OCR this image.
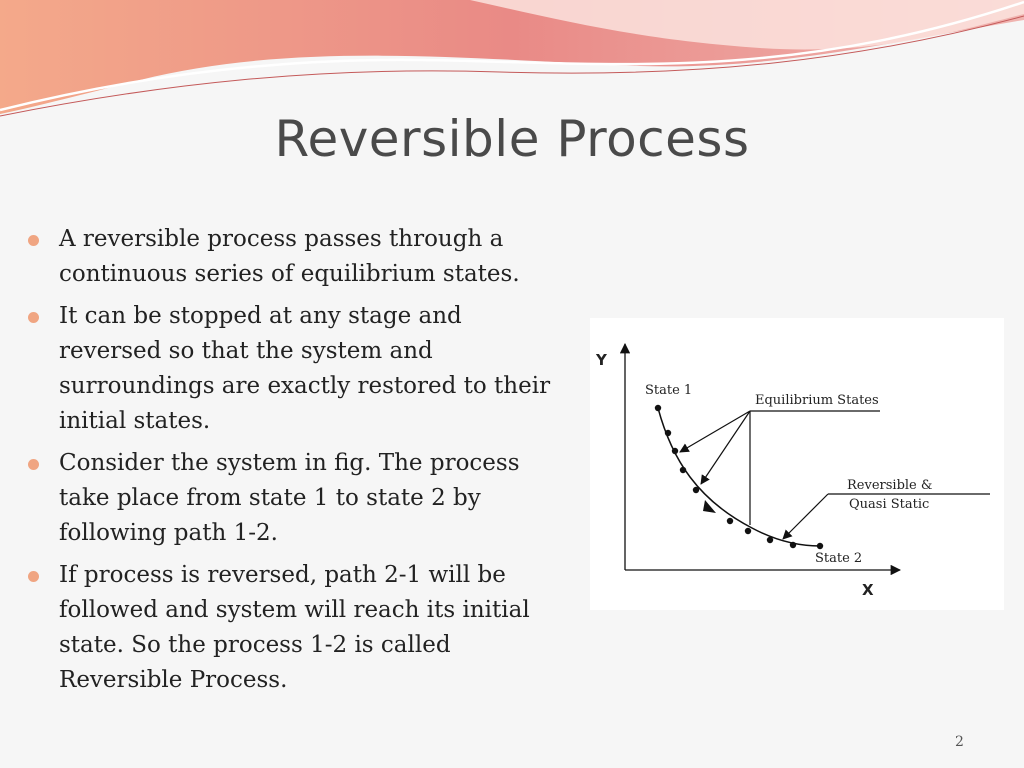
Reversible Process
A reversible process passes through a continuous series of equilibrium states.
It can be stopped at any stage and reversed so that the system and surroundings are exactly restored to their initial states.
Consider the system in fig. The process take place from state 1 to state 2 by following path 1-2.
If process is reversed, path 2-1 will be followed and system will reach its initial state. So the process 1-2 is called Reversible Process.
Y
X
State 1
State 2
Equilibrium States
Reversible &
Quasi Static
2
